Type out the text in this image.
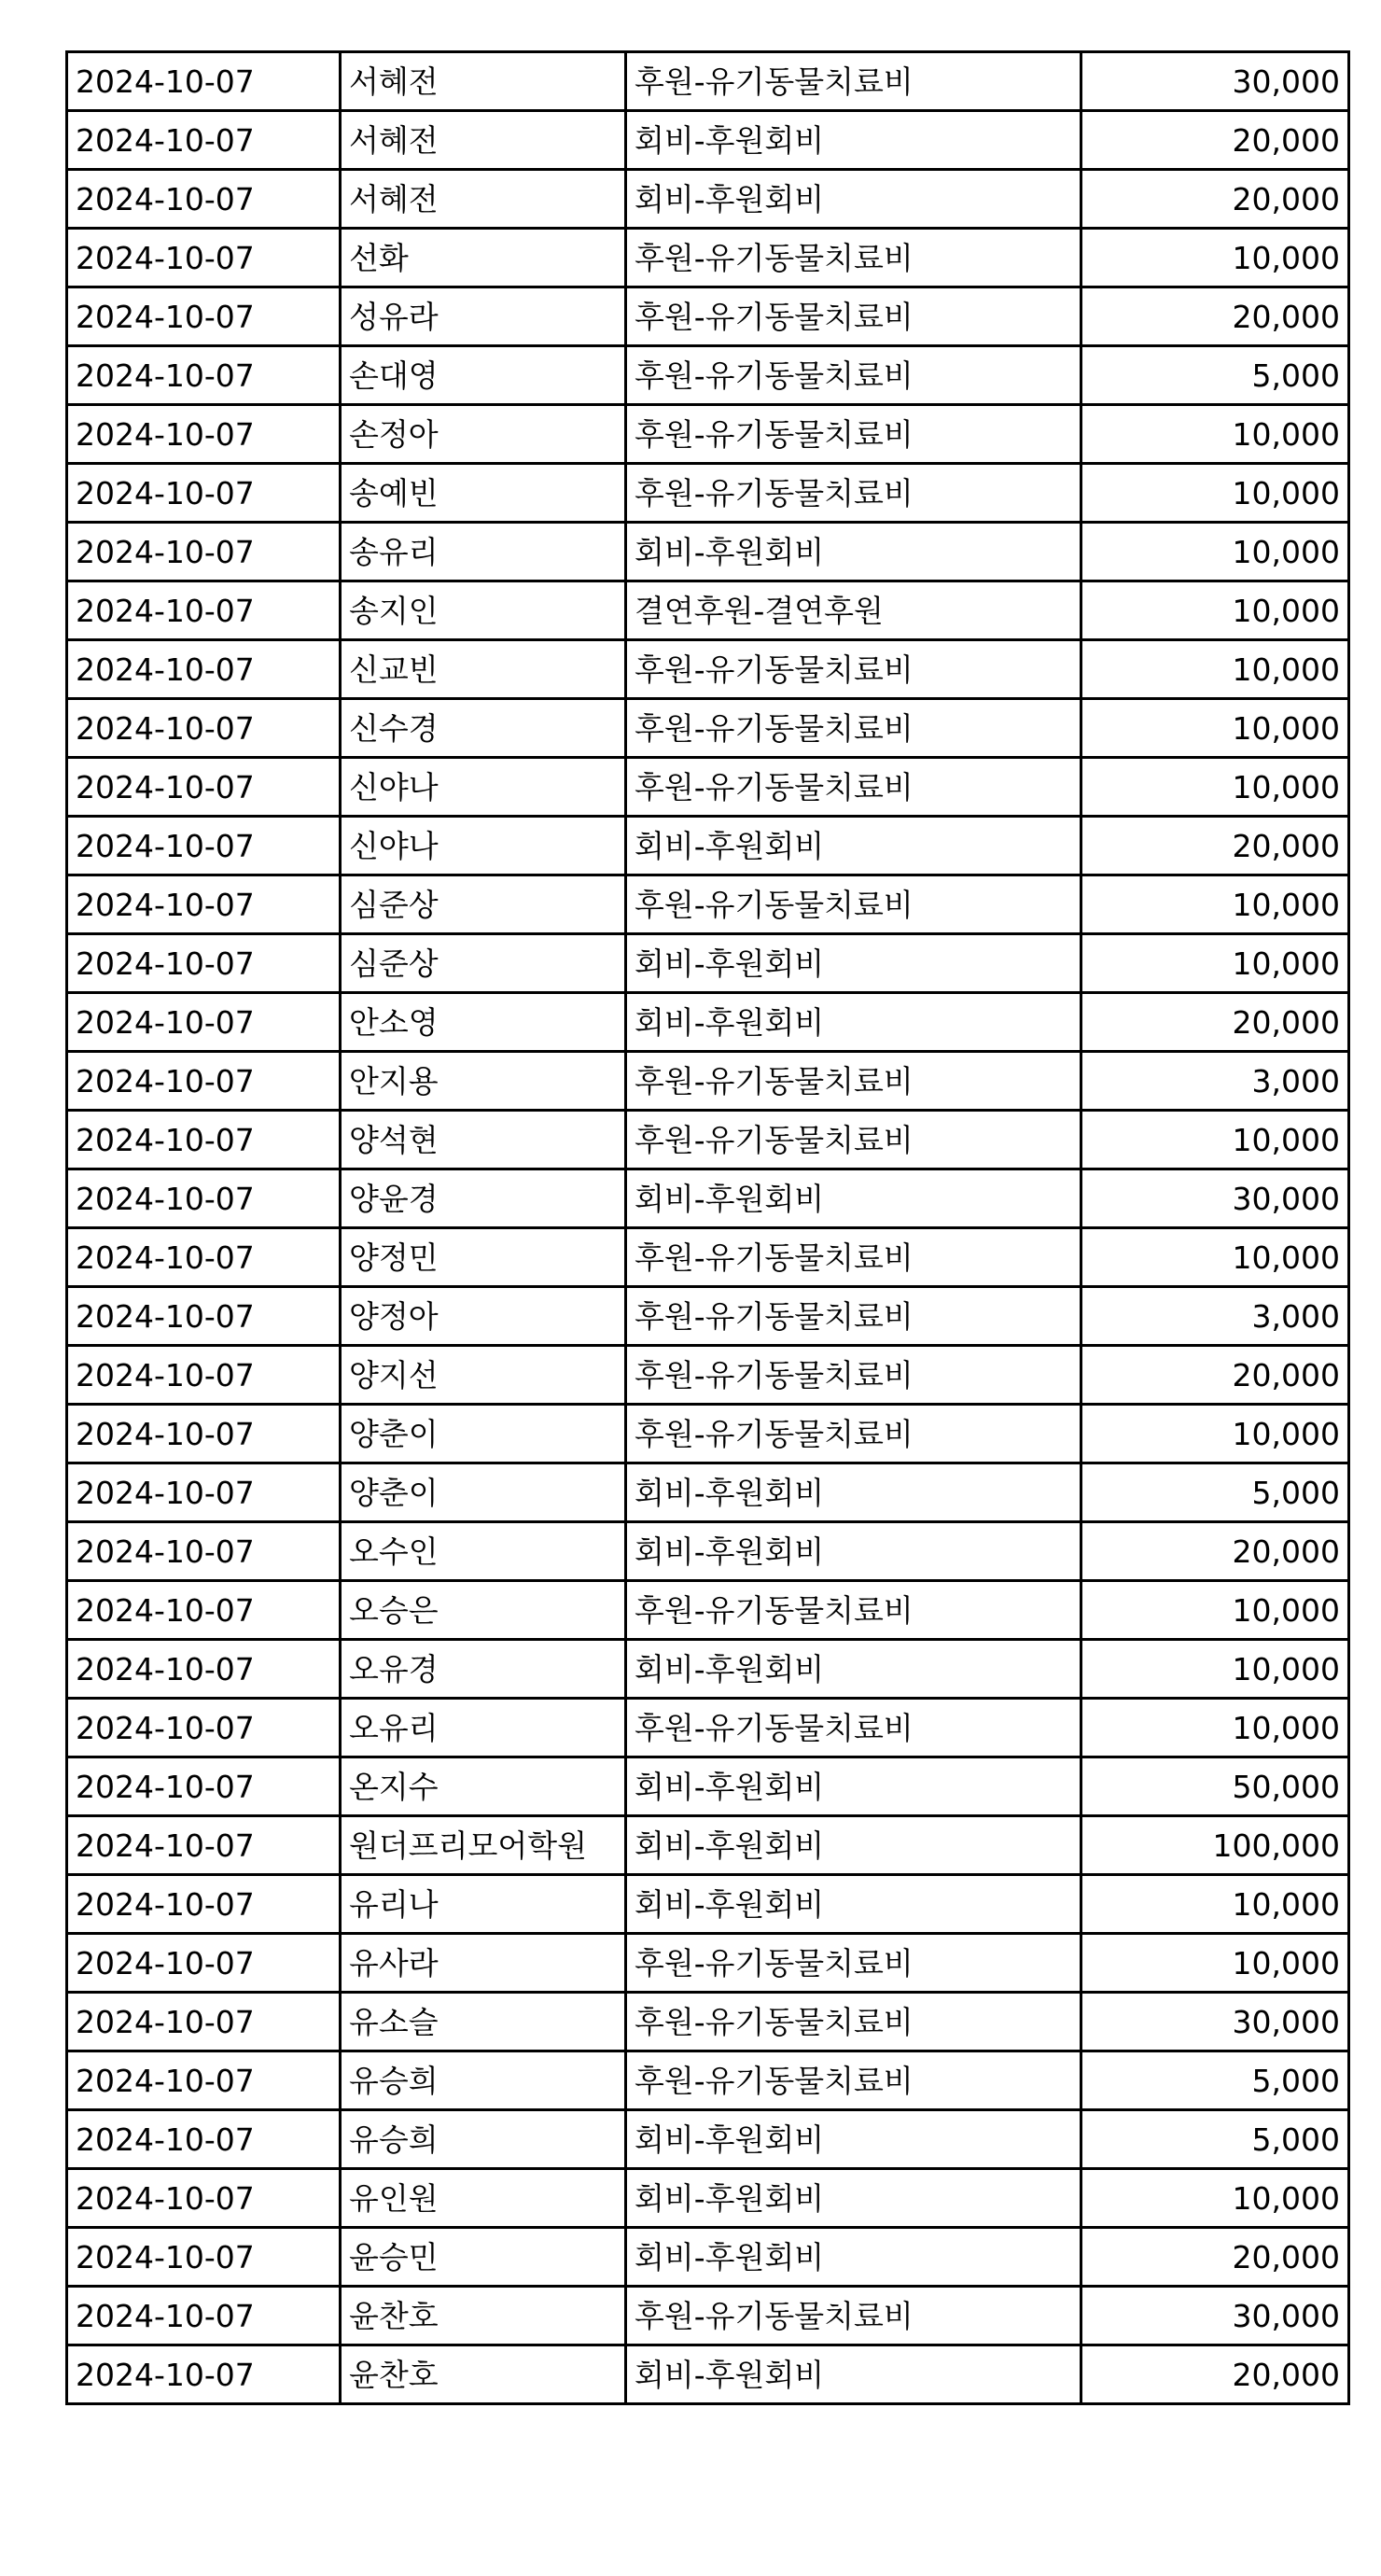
2024-10-07	서혜전	후원-유기동물치료비	30,000
2024-10-07	서혜전	회비-후원회비	20,000
2024-10-07	서혜전	회비-후원회비	20,000
2024-10-07	선화	후원-유기동물치료비	10,000
2024-10-07	성유라	후원-유기동물치료비	20,000
2024-10-07	손대영	후원-유기동물치료비	5,000
2024-10-07	손정아	후원-유기동물치료비	10,000
2024-10-07	송예빈	후원-유기동물치료비	10,000
2024-10-07	송유리	회비-후원회비	10,000
2024-10-07	송지인	결연후원-결연후원	10,000
2024-10-07	신교빈	후원-유기동물치료비	10,000
2024-10-07	신수경	후원-유기동물치료비	10,000
2024-10-07	신야나	후원-유기동물치료비	10,000
2024-10-07	신야나	회비-후원회비	20,000
2024-10-07	심준상	후원-유기동물치료비	10,000
2024-10-07	심준상	회비-후원회비	10,000
2024-10-07	안소영	회비-후원회비	20,000
2024-10-07	안지용	후원-유기동물치료비	3,000
2024-10-07	양석현	후원-유기동물치료비	10,000
2024-10-07	양윤경	회비-후원회비	30,000
2024-10-07	양정민	후원-유기동물치료비	10,000
2024-10-07	양정아	후원-유기동물치료비	3,000
2024-10-07	양지선	후원-유기동물치료비	20,000
2024-10-07	양춘이	후원-유기동물치료비	10,000
2024-10-07	양춘이	회비-후원회비	5,000
2024-10-07	오수인	회비-후원회비	20,000
2024-10-07	오승은	후원-유기동물치료비	10,000
2024-10-07	오유경	회비-후원회비	10,000
2024-10-07	오유리	후원-유기동물치료비	10,000
2024-10-07	온지수	회비-후원회비	50,000
2024-10-07	원더프리모어학원	회비-후원회비	100,000
2024-10-07	유리나	회비-후원회비	10,000
2024-10-07	유사라	후원-유기동물치료비	10,000
2024-10-07	유소슬	후원-유기동물치료비	30,000
2024-10-07	유승희	후원-유기동물치료비	5,000
2024-10-07	유승희	회비-후원회비	5,000
2024-10-07	유인원	회비-후원회비	10,000
2024-10-07	윤승민	회비-후원회비	20,000
2024-10-07	윤찬호	후원-유기동물치료비	30,000
2024-10-07	윤찬호	회비-후원회비	20,000
